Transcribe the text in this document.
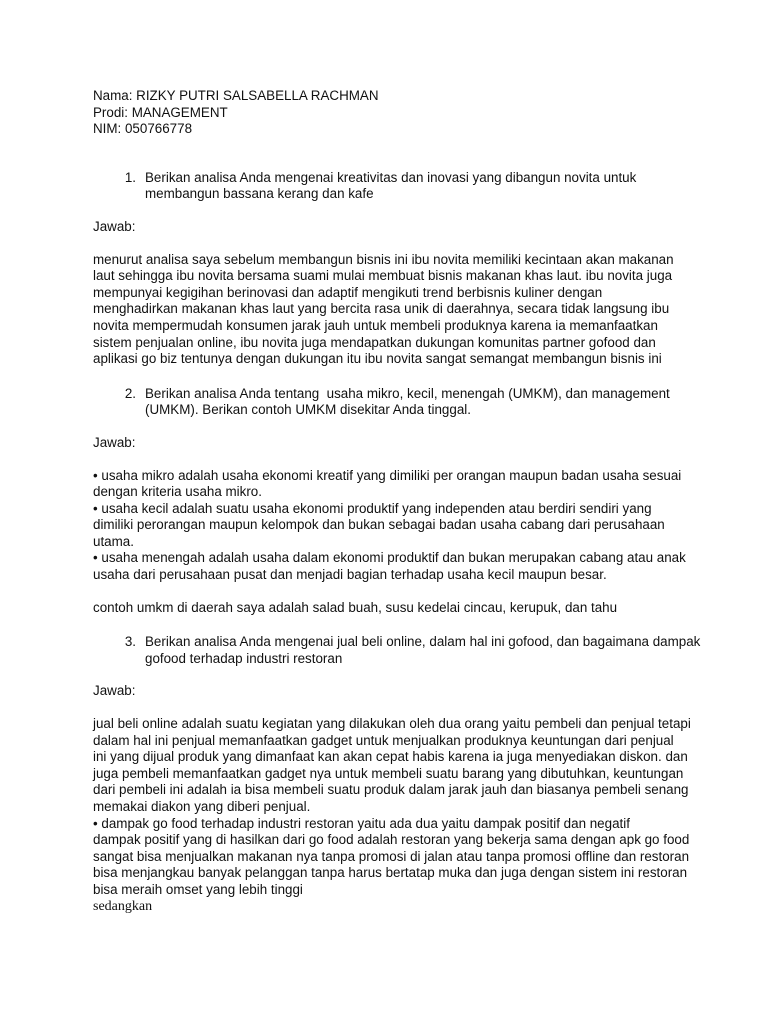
Nama: RIZKY PUTRI SALSABELLA RACHMAN
Prodi: MANAGEMENT
NIM: 050766778
1. Berikan analisa Anda mengenai kreativitas dan inovasi yang dibangun novita untuk
membangun bassana kerang dan kafe
Jawab:
menurut analisa saya sebelum membangun bisnis ini ibu novita memiliki kecintaan akan makanan
laut sehingga ibu novita bersama suami mulai membuat bisnis makanan khas laut. ibu novita juga
mempunyai kegigihan berinovasi dan adaptif mengikuti trend berbisnis kuliner dengan
menghadirkan makanan khas laut yang bercita rasa unik di daerahnya, secara tidak langsung ibu
novita mempermudah konsumen jarak jauh untuk membeli produknya karena ia memanfaatkan
sistem penjualan online, ibu novita juga mendapatkan dukungan komunitas partner gofood dan
aplikasi go biz tentunya dengan dukungan itu ibu novita sangat semangat membangun bisnis ini
2. Berikan analisa Anda tentang  usaha mikro, kecil, menengah (UMKM), dan management
(UMKM). Berikan contoh UMKM disekitar Anda tinggal.
Jawab:
• usaha mikro adalah usaha ekonomi kreatif yang dimiliki per orangan maupun badan usaha sesuai
dengan kriteria usaha mikro.
• usaha kecil adalah suatu usaha ekonomi produktif yang independen atau berdiri sendiri yang
dimiliki perorangan maupun kelompok dan bukan sebagai badan usaha cabang dari perusahaan
utama.
• usaha menengah adalah usaha dalam ekonomi produktif dan bukan merupakan cabang atau anak
usaha dari perusahaan pusat dan menjadi bagian terhadap usaha kecil maupun besar.
contoh umkm di daerah saya adalah salad buah, susu kedelai cincau, kerupuk, dan tahu
3. Berikan analisa Anda mengenai jual beli online, dalam hal ini gofood, dan bagaimana dampak
gofood terhadap industri restoran
Jawab:
jual beli online adalah suatu kegiatan yang dilakukan oleh dua orang yaitu pembeli dan penjual tetapi
dalam hal ini penjual memanfaatkan gadget untuk menjualkan produknya keuntungan dari penjual
ini yang dijual produk yang dimanfaat kan akan cepat habis karena ia juga menyediakan diskon. dan
juga pembeli memanfaatkan gadget nya untuk membeli suatu barang yang dibutuhkan, keuntungan
dari pembeli ini adalah ia bisa membeli suatu produk dalam jarak jauh dan biasanya pembeli senang
memakai diakon yang diberi penjual.
• dampak go food terhadap industri restoran yaitu ada dua yaitu dampak positif dan negatif
dampak positif yang di hasilkan dari go food adalah restoran yang bekerja sama dengan apk go food
sangat bisa menjualkan makanan nya tanpa promosi di jalan atau tanpa promosi offline dan restoran
bisa menjangkau banyak pelanggan tanpa harus bertatap muka dan juga dengan sistem ini restoran
bisa meraih omset yang lebih tinggi
sedangkan
